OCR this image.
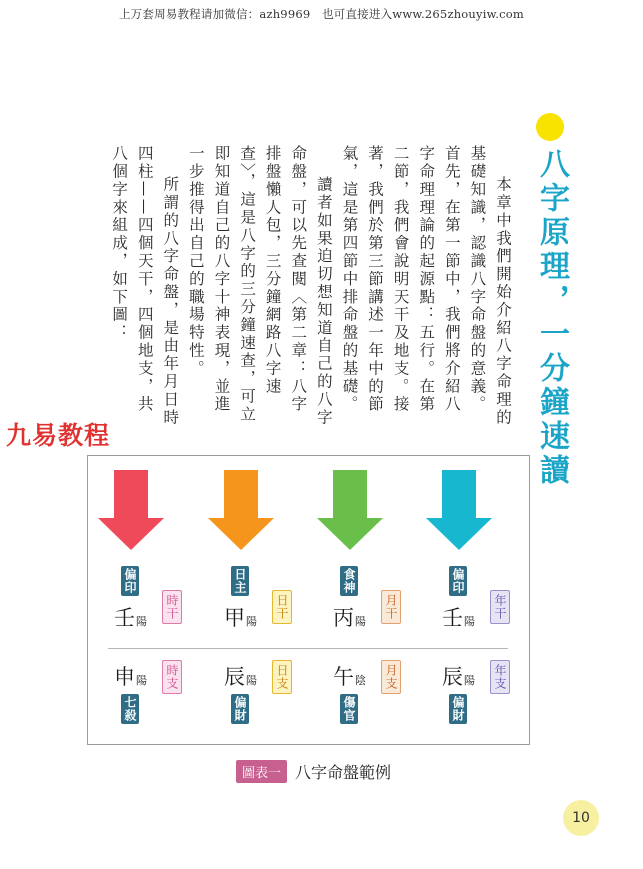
上万套周易教程请加微信：azh9969　也可直接进入www.265zhouyiw.com
八字原理，一分鐘速讀

本章中我們開始介紹八字命理的基礎知識，認識八字命盤的意義。首先，在第一節中，我們將介紹八字命理理論的起源點：五行。在第二節，我們會說明天干及地支。接著，我們於第三節講述一年中的節氣，這是第四節中排命盤的基礎。

讀者如果迫切想知道自己的八字命盤，可以先查閱〈第二章：八字排盤懶人包，三分鐘網路八字速查〉，這是八字的三分鐘速查，可立即知道自己的八字十神表現，並進一步推得出自己的職場特性。

所謂的八字命盤，是由年月日時四柱——四個天干，四個地支，共八個字來組成，如下圖：

九易教程
時柱
偏印
壬陽
時干
申陽 時支
七殺
日柱
日主
甲陽
日干
辰陽 日支
偏財
月柱
食神
丙陽
月干
午陰 月支
傷官
年柱
偏印
壬陽
年干
辰陽 年支
偏財
圖表一 八字命盤範例
10
